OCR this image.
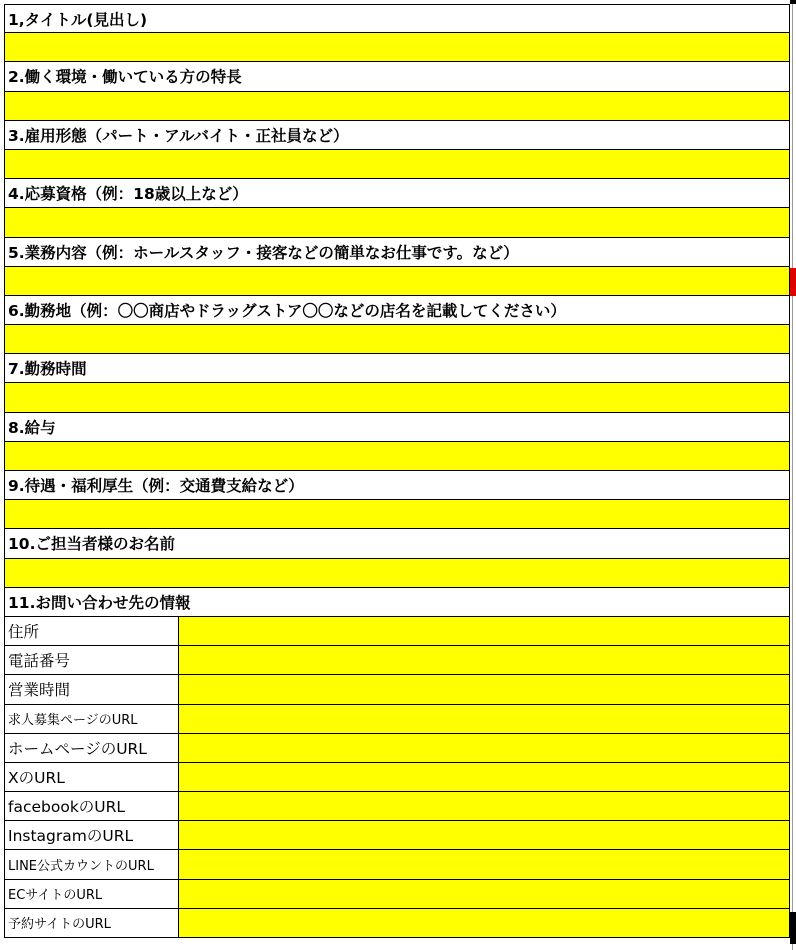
1,タイトル(見出し)
2.働く環境・働いている方の特長
3.雇用形態（パート・アルバイト・正社員など）
4.応募資格（例：18歳以上など）
5.業務内容（例：ホールスタッフ・接客などの簡単なお仕事です。など）
6.勤務地（例：〇〇商店やドラッグストア〇〇などの店名を記載してください）
7.勤務時間
8.給与
9.待遇・福利厚生（例：交通費支給など）
10.ご担当者様のお名前
11.お問い合わせ先の情報
住所
電話番号
営業時間
求人募集ページのURL
ホームページのURL
XのURL
facebookのURL
InstagramのURL
LINE公式カウントのURL
ECサイトのURL
予約サイトのURL
